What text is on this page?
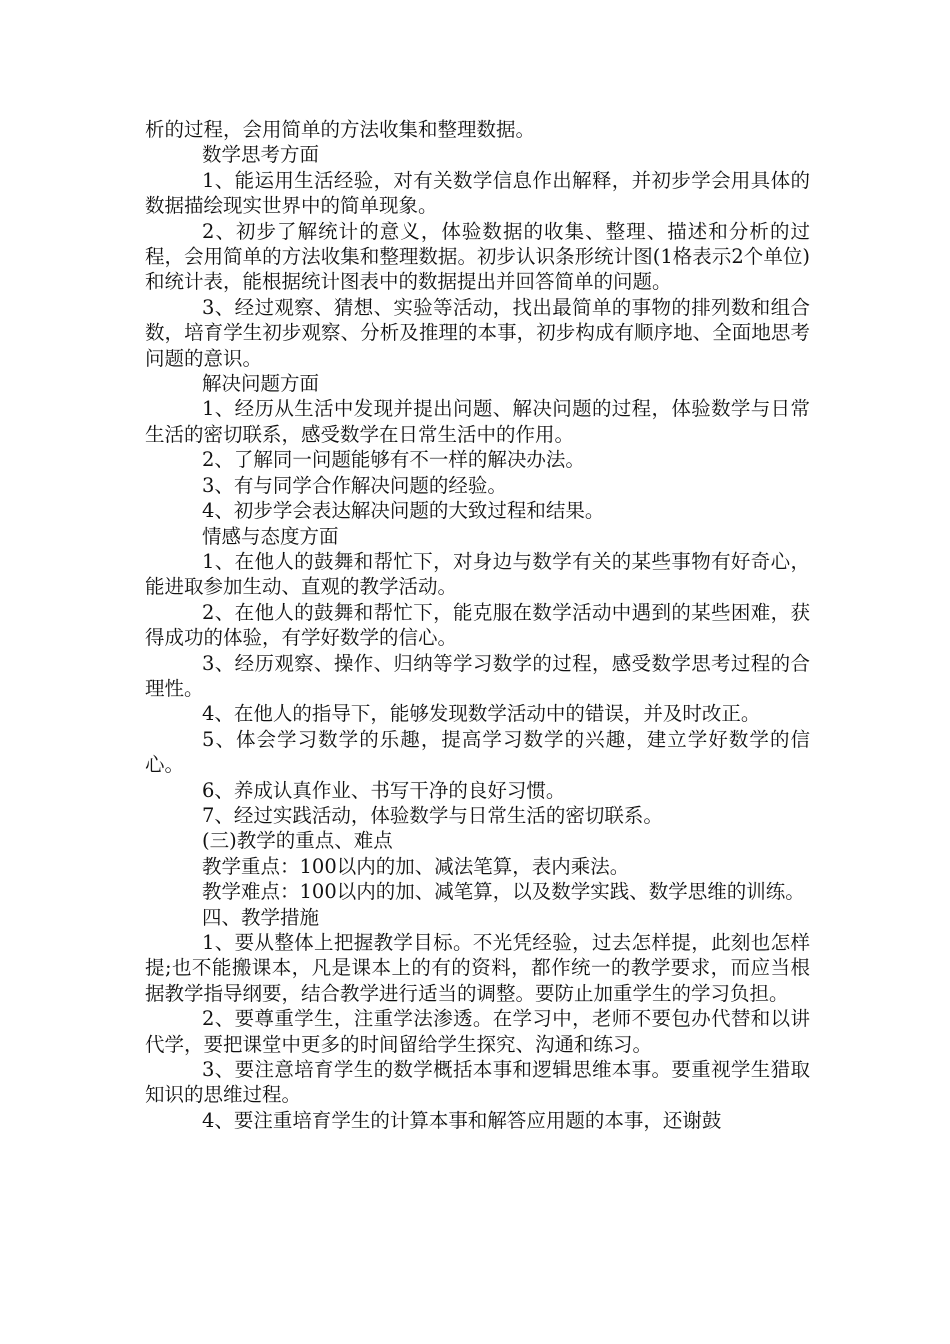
析的过程，会用简单的方法收集和整理数据。

数学思考方面

1、能运用生活经验，对有关数学信息作出解释，并初步学会用具体的数据描绘现实世界中的简单现象。

2、初步了解统计的意义，体验数据的收集、整理、描述和分析的过程，会用简单的方法收集和整理数据。初步认识条形统计图(1格表示2个单位)和统计表，能根据统计图表中的数据提出并回答简单的问题。

3、经过观察、猜想、实验等活动，找出最简单的事物的排列数和组合数，培育学生初步观察、分析及推理的本事，初步构成有顺序地、全面地思考问题的意识。

解决问题方面

1、经历从生活中发现并提出问题、解决问题的过程，体验数学与日常生活的密切联系，感受数学在日常生活中的作用。

2、了解同一问题能够有不一样的解决办法。

3、有与同学合作解决问题的经验。

4、初步学会表达解决问题的大致过程和结果。

情感与态度方面

1、在他人的鼓舞和帮忙下，对身边与数学有关的某些事物有好奇心，能进取参加生动、直观的教学活动。

2、在他人的鼓舞和帮忙下，能克服在数学活动中遇到的某些困难，获得成功的体验，有学好数学的信心。

3、经历观察、操作、归纳等学习数学的过程，感受数学思考过程的合理性。

4、在他人的指导下，能够发现数学活动中的错误，并及时改正。

5、体会学习数学的乐趣，提高学习数学的兴趣，建立学好数学的信心。

6、养成认真作业、书写干净的良好习惯。

7、经过实践活动，体验数学与日常生活的密切联系。

(三)教学的重点、难点

教学重点：100以内的加、减法笔算，表内乘法。

教学难点：100以内的加、减笔算，以及数学实践、数学思维的训练。

四、教学措施

1、要从整体上把握教学目标。不光凭经验，过去怎样提，此刻也怎样提;也不能搬课本，凡是课本上的有的资料，都作统一的教学要求，而应当根据教学指导纲要，结合教学进行适当的调整。要防止加重学生的学习负担。

2、要尊重学生，注重学法渗透。在学习中，老师不要包办代替和以讲代学，要把课堂中更多的时间留给学生探究、沟通和练习。

3、要注意培育学生的数学概括本事和逻辑思维本事。要重视学生猎取知识的思维过程。

4、要注重培育学生的计算本事和解答应用题的本事，还谢鼓
